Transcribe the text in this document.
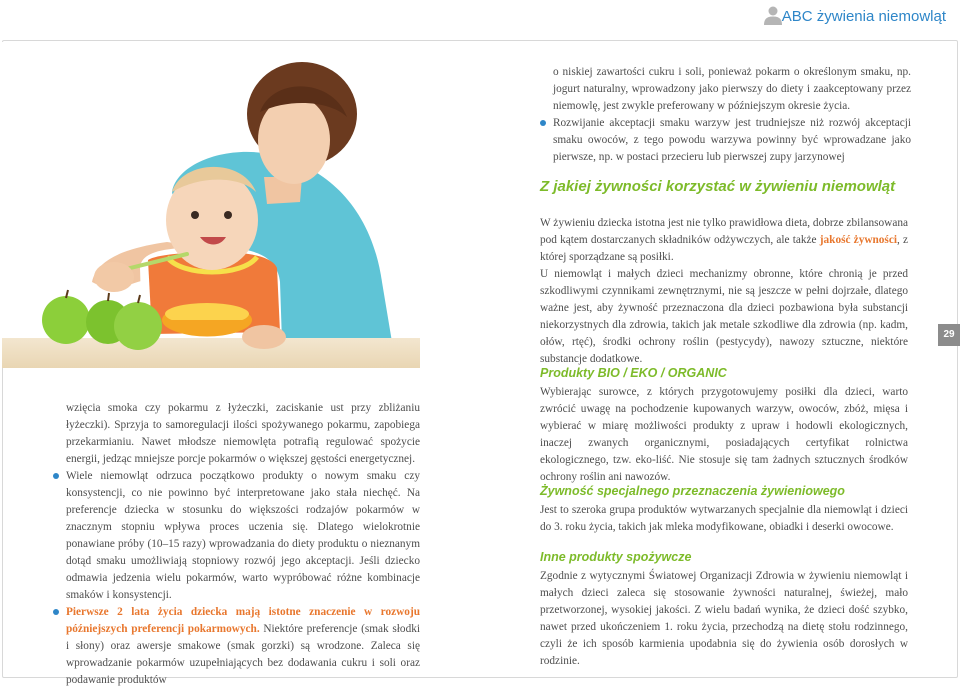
ABC żywienia niemowląt

o niskiej zawartości cukru i soli, ponieważ pokarm o określonym smaku, np. jogurt naturalny, wprowadzony jako pierwszy do diety i zaakceptowany przez niemowlę, jest zwykle preferowany w późniejszym okresie życia.

Rozwijanie akceptacji smaku warzyw jest trudniejsze niż rozwój akceptacji smaku owoców, z tego powodu warzywa powinny być wprowadzane jako pierwsze, np. w postaci przecieru lub pierwszej zupy jarzynowej

Z jakiej żywności korzystać w żywieniu niemowląt

W żywieniu dziecka istotna jest nie tylko prawidłowa dieta, dobrze zbilansowana pod kątem dostarczanych składników odżywczych, ale także jakość żywności, z której sporządzane są posiłki.

U niemowląt i małych dzieci mechanizmy obronne, które chronią je przed szkodliwymi czynnikami zewnętrznymi, nie są jeszcze w pełni dojrzałe, dlatego ważne jest, aby żywność przeznaczona dla dzieci pozbawiona była substancji niekorzystnych dla zdrowia, takich jak metale szkodliwe dla zdrowia (np. kadm, ołów, rtęć), środki ochrony roślin (pestycydy), nawozy sztuczne, niektóre substancje dodatkowe.

29
Produkty BIO / EKO / ORGANIC

Wybierając surowce, z których przygotowujemy posiłki dla dzieci, warto zwrócić uwagę na pochodzenie kupowanych warzyw, owoców, zbóż, mięsa i wybierać w miarę możliwości produkty z upraw i hodowli ekologicznych, inaczej zwanych organicznymi, posiadających certyfikat rolnictwa ekologicznego, tzw. eko-liść. Nie stosuje się tam żadnych sztucznych środków ochrony roślin ani nawozów.

Żywność specjalnego przeznaczenia żywieniowego

Jest to szeroka grupa produktów wytwarzanych specjalnie dla niemowląt i dzieci do 3. roku życia, takich jak mleka modyfikowane, obiadki i deserki owocowe.

Inne produkty spożywcze

Zgodnie z wytycznymi Światowej Organizacji Zdrowia w żywieniu niemowląt i małych dzieci zaleca się stosowanie żywności naturalnej, świeżej, mało przetworzonej, wysokiej jakości. Z wielu badań wynika, że dzieci dość szybko, nawet przed ukończeniem 1. roku życia, przechodzą na dietę stołu rodzinnego, czyli że ich sposób karmienia upodabnia się do żywienia osób dorosłych w rodzinie.

wzięcia smoka czy pokarmu z łyżeczki, zaciskanie ust przy zbliżaniu łyżeczki). Sprzyja to samoregulacji ilości spożywanego pokarmu, zapobiega przekarmianiu. Nawet młodsze niemowlęta potrafią regulować spożycie energii, jedząc mniejsze porcje pokarmów o większej gęstości energetycznej.

Wiele niemowląt odrzuca początkowo produkty o nowym smaku czy konsystencji, co nie powinno być interpretowane jako stała niechęć. Na preferencje dziecka w stosunku do większości rodzajów pokarmów w znacznym stopniu wpływa proces uczenia się. Dlatego wielokrotnie ponawiane próby (10–15 razy) wprowadzania do diety produktu o nieznanym dotąd smaku umożliwiają stopniowy rozwój jego akceptacji. Jeśli dziecko odmawia jedzenia wielu pokarmów, warto wypróbować różne kombinacje smaków i konsystencji.

Pierwsze 2 lata życia dziecka mają istotne znaczenie w rozwoju późniejszych preferencji pokarmowych. Niektóre preferencje (smak słodki i słony) oraz awersje smakowe (smak gorzki) są wrodzone. Zaleca się wprowadzanie pokarmów uzupełniających bez dodawania cukru i soli oraz podawanie produktów
